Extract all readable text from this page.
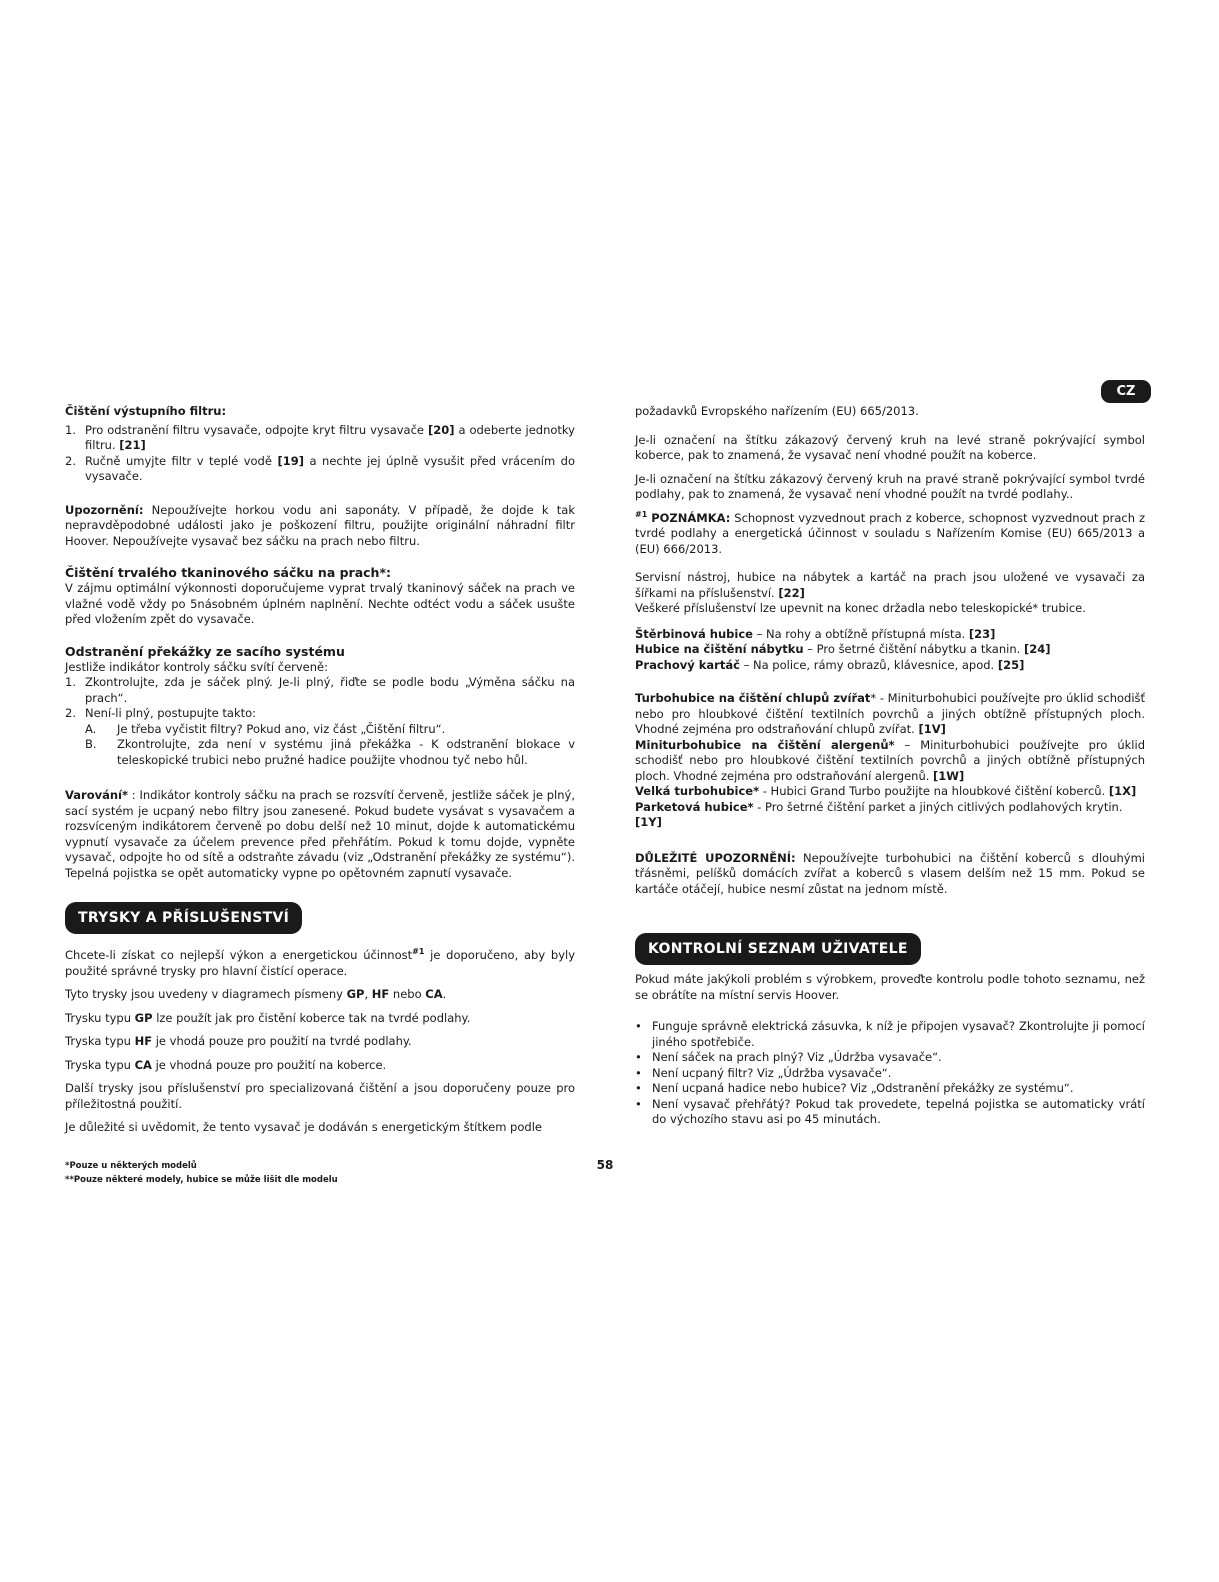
CZ

Čištění výstupního filtru:

1. Pro odstranění filtru vysavače, odpojte kryt filtru vysavače [20] a odeberte jednotky filtru. [21]
2. Ručně umyjte filtr v teplé vodě [19] a nechte jej úplně vysušit před vrácením do vysavače.

Upozornění: Nepoužívejte horkou vodu ani saponáty. V případě, že dojde k tak nepravděpodobné události jako je poškození filtru, použijte originální náhradní filtr Hoover. Nepoužívejte vysavač bez sáčku na prach nebo filtru.

Čištění trvalého tkaninového sáčku na prach*:

V zájmu optimální výkonnosti doporučujeme vyprat trvalý tkaninový sáček na prach ve vlažné vodě vždy po 5násobném úplném naplnění. Nechte odtéct vodu a sáček usušte před vložením zpět do vysavače.

Odstranění překážky ze sacího systému

Jestliže indikátor kontroly sáčku svítí červeně:

1. Zkontrolujte, zda je sáček plný. Je-li plný, řiďte se podle bodu „Výměna sáčku na prach“.
2. Není-li plný, postupujte takto:
A.	Je třeba vyčistit filtry? Pokud ano, viz část „Čištění filtru“.
B.	Zkontrolujte, zda není v systému jiná překážka - K odstranění blokace v teleskopické trubici nebo pružné hadice použijte vhodnou tyč nebo hůl.

Varování* : Indikátor kontroly sáčku na prach se rozsvítí červeně, jestliže sáček je plný, sací systém je ucpaný nebo filtry jsou zanesené. Pokud budete vysávat s vysavačem a rozsvíceným indikátorem červeně po dobu delší než 10 minut, dojde k automatickému vypnutí vysavače za účelem prevence před přehřátím. Pokud k tomu dojde, vypněte vysavač, odpojte ho od sítě a odstraňte závadu (viz „Odstranění překážky ze systému“). Tepelná pojistka se opět automaticky vypne po opětovném zapnutí vysavače.

TRYSKY A PŘÍSLUŠENSTVÍ

Chcete-li získat co nejlepší výkon a energetickou účinnost$^{\#1}$ je doporučeno, aby byly použité správné trysky pro hlavní čistící operace.

Tyto trysky jsou uvedeny v diagramech písmeny GP, HF nebo CA.

Trysku typu GP lze použít jak pro čistění koberce tak na tvrdé podlahy.

Tryska typu HF je vhodá pouze pro použití na tvrdé podlahy.

Tryska typu CA je vhodná pouze pro použití na koberce.

Další trysky jsou příslušenství pro specializovaná čištění a jsou doporučeny pouze pro příležitostná použití.

Je důležité si uvědomit, že tento vysavač je dodáván s energetickým štítkem podle

*Pouze u některých modelů
**Pouze některé modely, hubice se může lišit dle modelu
58

požadavků Evropského nařízením (EU) 665/2013.

Je-li označení na štítku zákazový červený kruh na levé straně pokrývající symbol koberce, pak to znamená, že vysavač není vhodné použít na koberce.

Je-li označení na štítku zákazový červený kruh na pravé straně pokrývající symbol tvrdé podlahy, pak to znamená, že vysavač není vhodné použít na tvrdé podlahy..

$^{\#1}$ POZNÁMKA: Schopnost vyzvednout prach z koberce, schopnost vyzvednout prach z tvrdé podlahy a energetická účinnost v souladu s Nařízením Komise (EU) 665/2013 a (EU) 666/2013.

Servisní nástroj, hubice na nábytek a kartáč na prach jsou uložené ve vysavači za šířkami na příslušenství. [22]

Veškeré příslušenství lze upevnit na konec držadla nebo teleskopické* trubice.

Štěrbinová hubice – Na rohy a obtížně přístupná místa. [23]

Hubice na čištění nábytku – Pro šetrné čištění nábytku a tkanin. [24]

Prachový kartáč – Na police, rámy obrazů, klávesnice, apod. [25]

Turbohubice na čištění chlupů zvířat* - Miniturbohubici používejte pro úklid schodišť nebo pro hloubkové čištění textilních povrchů a jiných obtížně přístupných ploch. Vhodné zejména pro odstraňování chlupů zvířat. [1V]

Miniturbohubice na čištění alergenů* – Miniturbohubici používejte pro úklid schodišť nebo pro hloubkové čištění textilních povrchů a jiných obtížně přístupných ploch. Vhodné zejména pro odstraňování alergenů. [1W]

Velká turbohubice* - Hubici Grand Turbo použijte na hloubkové čištění koberců. [1X]

Parketová hubice* - Pro šetrné čištění parket a jiných citlivých podlahových krytin. [1Y]

DŮLEŽITÉ UPOZORNĚNÍ: Nepoužívejte turbohubici na čištění koberců s dlouhými třásněmi, pelíšků domácích zvířat a koberců s vlasem delším než 15 mm. Pokud se kartáče otáčejí, hubice nesmí zůstat na jednom místě.

KONTROLNÍ SEZNAM UŽIVATELE

Pokud máte jakýkoli problém s výrobkem, proveďte kontrolu podle tohoto seznamu, než se obrátíte na místní servis Hoover.

• Funguje správně elektrická zásuvka, k níž je připojen vysavač? Zkontrolujte ji pomocí jiného spotřebiče.
• Není sáček na prach plný? Viz „Údržba vysavače“.
• Není ucpaný filtr? Viz „Údržba vysavače“.
• Není ucpaná hadice nebo hubice? Viz „Odstranění překážky ze systému“.
• Není vysavač přehřátý? Pokud tak provedete, tepelná pojistka se automaticky vrátí do výchozího stavu asi po 45 minutách.
